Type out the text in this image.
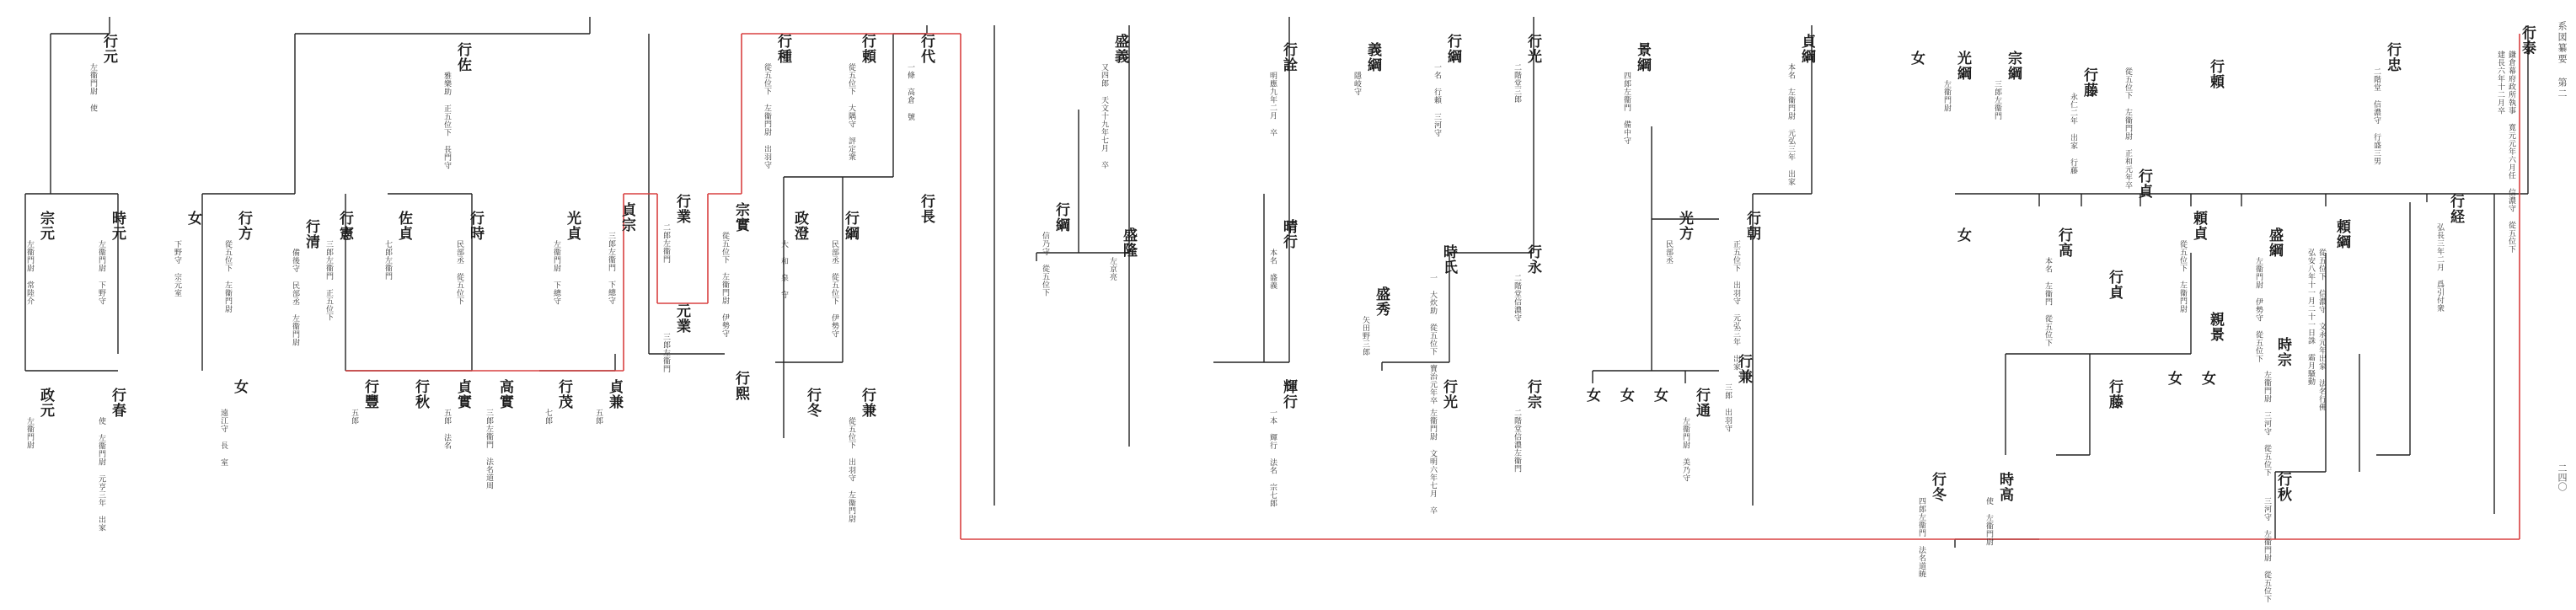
系図纂要 第二
二四〇
行泰
鎌倉幕府政所執事 寛元元年六月任 信濃守 從五位下
建長六年十二月卒
行経
弘長三年二月 爲引付衆
行忠
二階堂 信濃守 行盛三男
頼綱
從五位下 信濃守 文永元年出家 法名行佛
弘安八年十一月二十一日誅 霜月騷動
盛綱
左衞門尉 伊勢守 從五位下 時宗
左衞門尉 三河守 從五位下
親景
頼貞
從五位下 左衞門尉
行頼
行貞
從五位下 左衞門尉 正和元年卒
行藤
永仁二年 出家 行藤
行高
本名 左衞門 從五位下	行貞
行藤
時高
使 左衞門尉
行冬
四郎左衞門 法名道暁
行秋
三河守 左衞門尉 從五位下
宗綱
三郎左衞門
光綱
左衞門尉
女
女
女
女
貞綱
本名 左衞門尉 元弘三年 出家
景綱
四郎左衞門 備中守
光方
民部丞
行朝
正五位下 出羽守 元弘三年 出家
行兼
三郎 出羽守
行通
左衞門尉 美乃守
女
女
女
行光
二階堂三郎
行永
二階堂信濃守
行宗
二階堂信濃左衞門
行綱
一名 行頼 三河守
時氏
一 大炊助 從五位下 寶治元年卒
盛秀
矢田野三郎
行光
左衞門尉 文明六年七月 卒
義綱
隱岐守
行詮
明應九年二月 卒
晴行
本名 盛義
輝行
一本 輝行 法名 宗七郎
盛義
又四郎 天文十九年七月 卒
盛隆
左京亮
行綱
信乃守 從五位下
行代
一條 高倉 號
行長
行頼
從五位下 大隅守 評定衆
行綱
民部丞 從五位下 伊勢守
政澄
大 和 泉 守
行兼
從五位下 出羽守 左衞門尉
行冬
行種
從五位下 左衞門尉 出羽守
行業
二郎左衞門
元業
三郎左衞門
宗實
從五位下 左衞門尉 伊勢守
行熙
貞宗
三郎左衞門 下總守
光貞
左衞門尉 下總守
行茂
七郎
貞兼
五郎
行時
民部丞 從五位下
行佐
雅樂助 正五位下 長門守
佐貞
七郎左衞門
行秋	高實
三郎左衞門 法名道周
貞實
五郎 法名
行豐
五郎
行清
備後守 民部丞 左衞門尉
行憲
三郎左衞門 正五位下
行方
從五位下 左衞門尉
女
下野守 宗元室
女
遠江守 長 室
行元
左衞門尉 使
時元
左衞門尉 下野守
宗元
左衞門尉 常陸介
行春
使 左衞門尉 元亨三年 出家
政元
左衞門尉
